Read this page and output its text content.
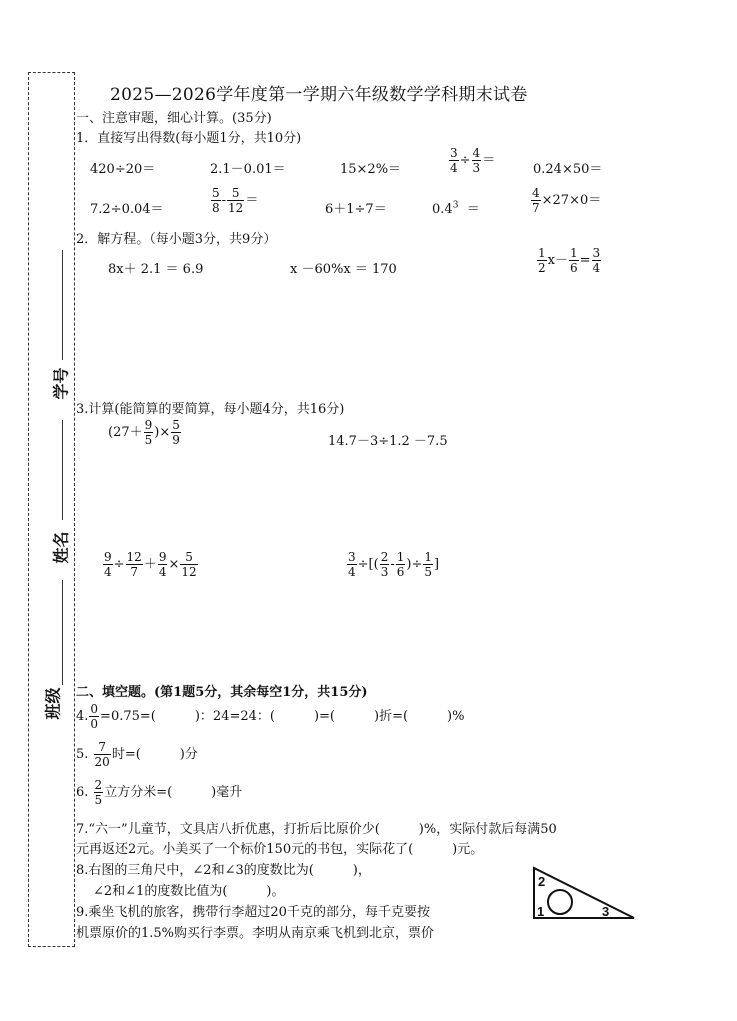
学号
姓名
班级
2025—2026学年度第一学期六年级数学学科期末试卷
一、注意审题，细心计算。(35分)
1．直接写出得数(每小题1分，共10分)
420÷20＝	2.1－0.01＝	15×2%＝	$\frac{3}{4} \div \frac{4}{3}$ ＝
0.24×50＝
7.2÷0.04＝	$\frac{5}{8} - \frac{5}{12}$ ＝
6＋1÷7＝	$0.4^3$ ＝	$\frac{4}{7} \times 27\times 0=$
2．解方程。（每小题3分，共9分）
8x＋ 2.1 ＝ 6.9	x －60%x ＝ 170	$\frac{1}{2} x- \frac{1}{6} = \frac{3}{4}$
3.计算(能简算的要简算，每小题4分，共16分)
($27+ \frac{9}{5}$ )× $\frac{5}{9}$	14.7－3÷1.2 －7.5
$\frac{9}{4} \div \frac{12}{7} + \frac{9}{4} \times \frac{5}{12}$	$\frac{3}{4}$ ÷[( $\frac{2}{3} - \frac{1}{6}$ )÷ $\frac{1}{5}$ ]
二、填空题。(第1题5分，其余每空1分，共15分)
4. $\frac{0}{0} =0.75=$(　　　)：24=24：(　　　)=(　　　)折=(　　　)%
5. $\frac{7}{20}$ 时=(　　　)分
6. $\frac{2}{5}$ 立方分米=(　　　)毫升
7.“六一”儿童节，文具店八折优惠，打折后比原价少(　　　)%，实际付款后每满50
元再返还2元。小美买了一个标价150元的书包，实际花了(　　　)元。
8.右图的三角尺中，∠2和∠3的度数比为(　　　)，
∠2和∠1的度数比值为(　　　)。
9.乘坐飞机的旅客，携带行李超过20千克的部分，每千克要按
机票原价的1.5%购买行李票。李明从南京乘飞机到北京，票价
2
1	3
